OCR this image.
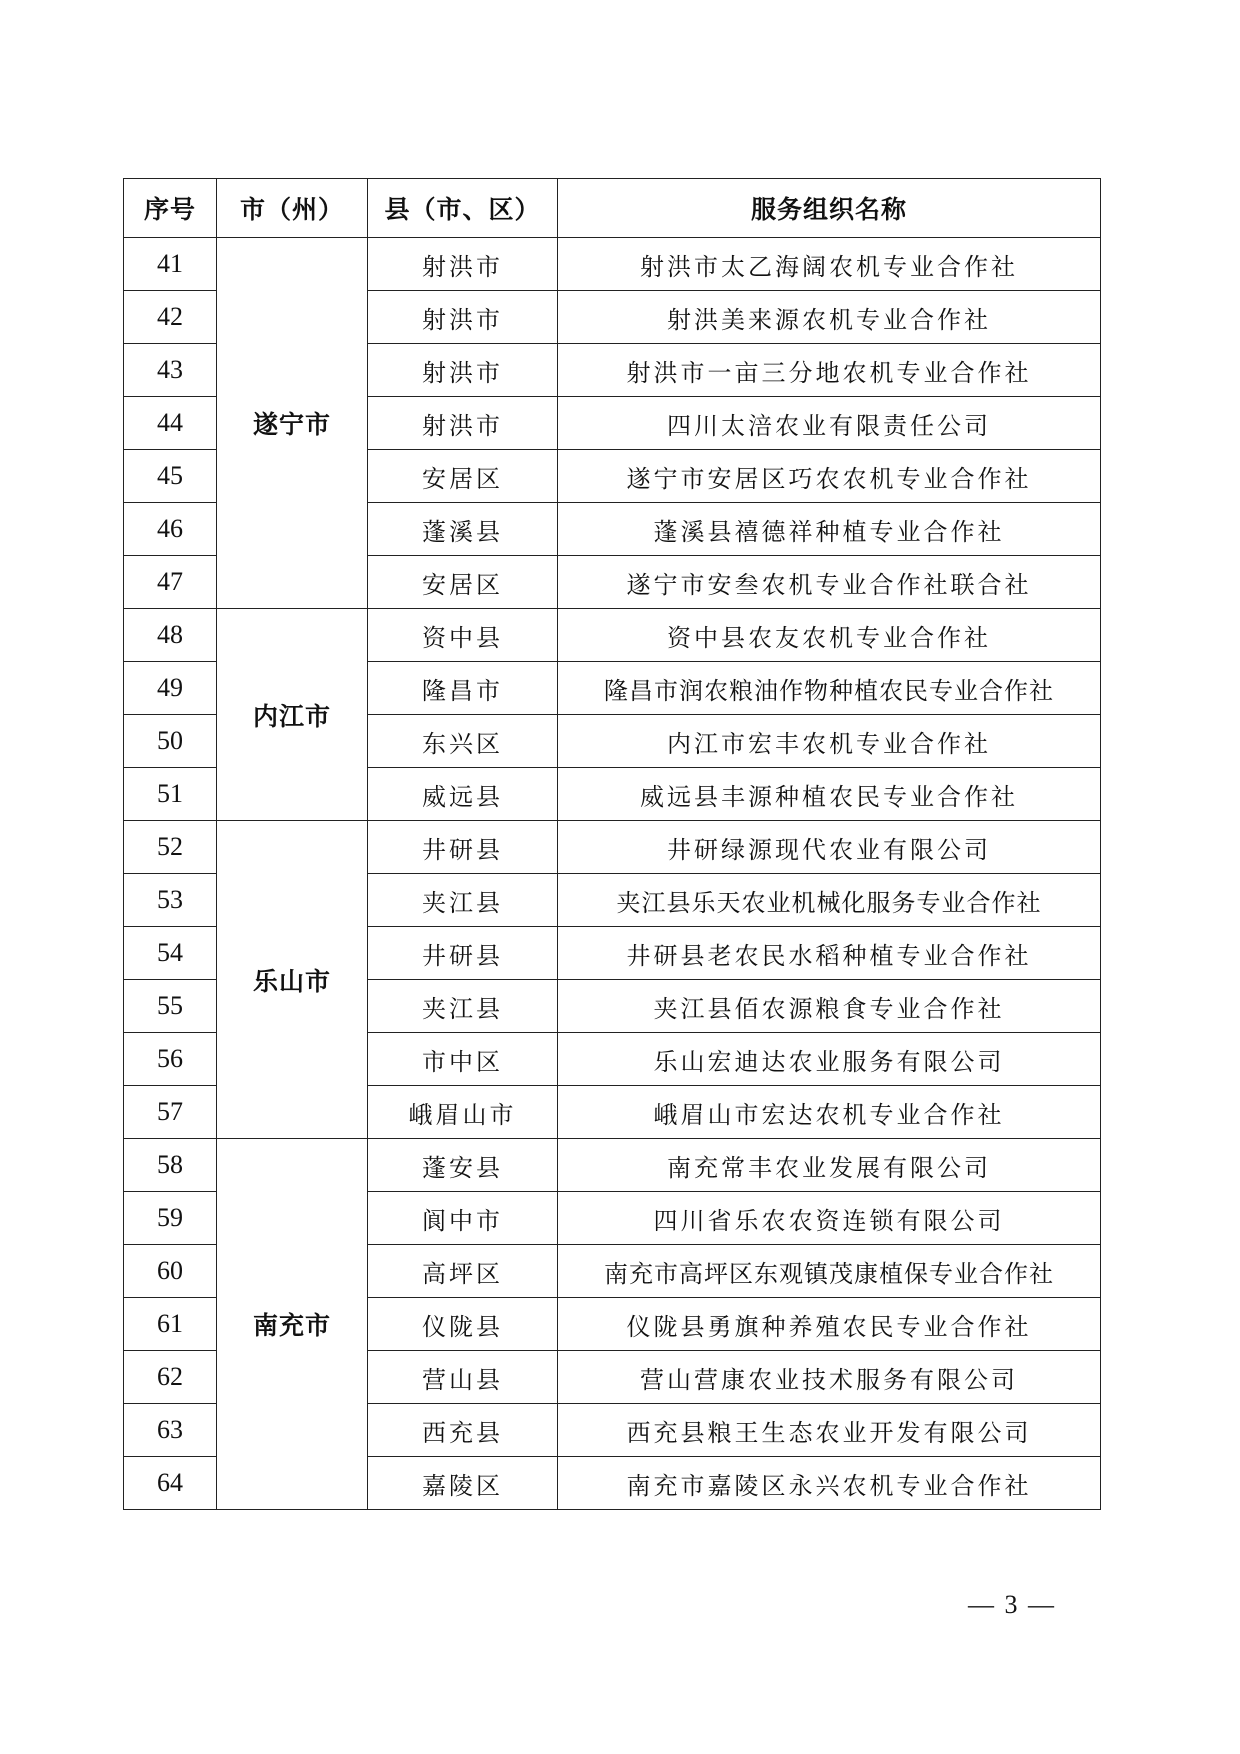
序号	市（州）	县（市、区）	服务组织名称
41	遂宁市	射洪市	射洪市太乙海阔农机专业合作社
42		射洪市	射洪美来源农机专业合作社
43		射洪市	射洪市一亩三分地农机专业合作社
44		射洪市	四川太涪农业有限责任公司
45		安居区	遂宁市安居区巧农农机专业合作社
46		蓬溪县	蓬溪县禧德祥种植专业合作社
47		安居区	遂宁市安叁农机专业合作社联合社
48	内江市	资中县	资中县农友农机专业合作社
49		隆昌市	隆昌市润农粮油作物种植农民专业合作社
50		东兴区	内江市宏丰农机专业合作社
51		威远县	威远县丰源种植农民专业合作社
52	乐山市	井研县	井研绿源现代农业有限公司
53		夹江县	夹江县乐天农业机械化服务专业合作社
54		井研县	井研县老农民水稻种植专业合作社
55		夹江县	夹江县佰农源粮食专业合作社
56		市中区	乐山宏迪达农业服务有限公司
57		峨眉山市	峨眉山市宏达农机专业合作社
58	南充市	蓬安县	南充常丰农业发展有限公司
59		阆中市	四川省乐农农资连锁有限公司
60		高坪区	南充市高坪区东观镇茂康植保专业合作社
61		仪陇县	仪陇县勇旗种养殖农民专业合作社
62		营山县	营山营康农业技术服务有限公司
63		西充县	西充县粮王生态农业开发有限公司
64		嘉陵区	南充市嘉陵区永兴农机专业合作社
— 3 —
